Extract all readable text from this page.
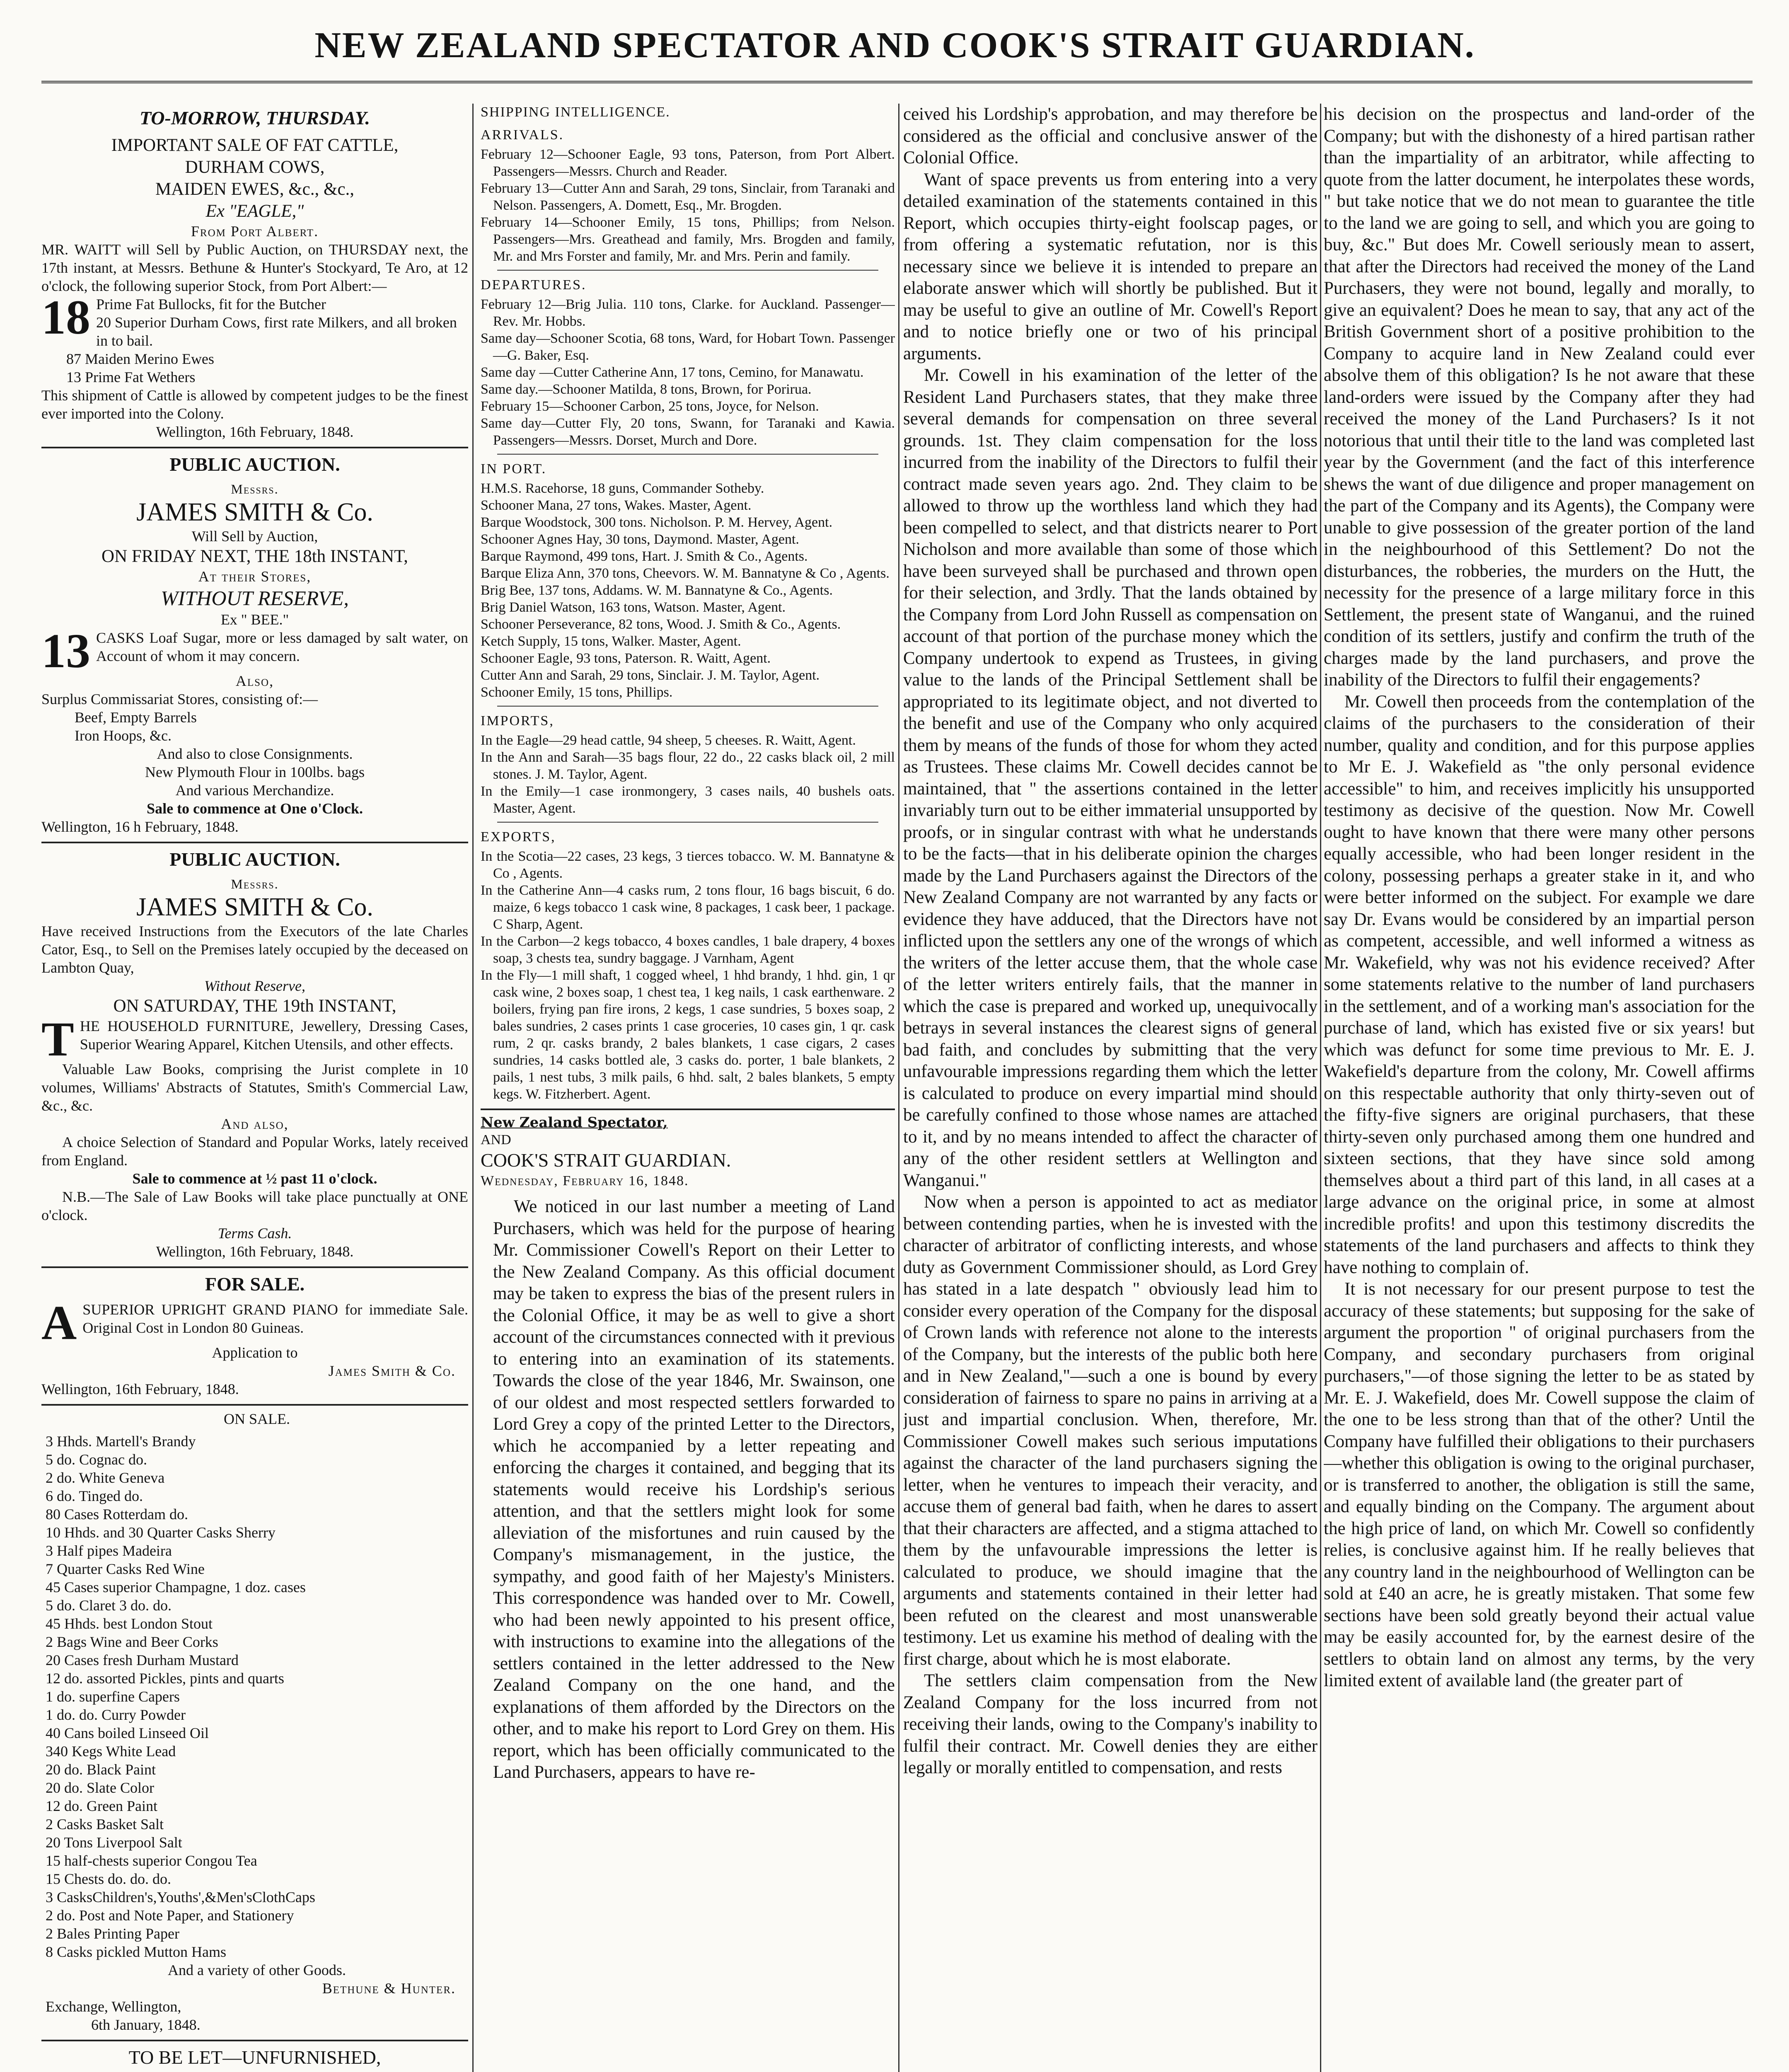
NEW ZEALAND SPECTATOR AND COOK'S STRAIT GUARDIAN.

TO-MORROW, THURSDAY.

IMPORTANT SALE OF FAT CATTLE,

DURHAM COWS,

MAIDEN EWES, &c., &c.,

Ex "EAGLE,"

From Port Albert.

MR. WAITT will Sell by Public Auction, on THURSDAY next, the 17th instant, at Messrs. Bethune & Hunter's Stockyard, Te Aro, at 12 o'clock, the following superior Stock, from Port Albert:—

18 Prime Fat Bullocks, fit for the Butcher

20 Superior Durham Cows, first rate Milkers, and all broken in to bail.

87 Maiden Merino Ewes

13 Prime Fat Wethers

This shipment of Cattle is allowed by competent judges to be the finest ever imported into the Colony.

Wellington, 16th February, 1848.

PUBLIC AUCTION.

Messrs.

JAMES SMITH & Co.

Will Sell by Auction,

ON FRIDAY NEXT, THE 18th INSTANT,

At their Stores,

WITHOUT RESERVE,

Ex " BEE."

13 CASKS Loaf Sugar, more or less damaged by salt water, on Account of whom it may concern.

Also,

Surplus Commissariat Stores, consisting of:—

Beef, Empty Barrels

Iron Hoops, &c.

And also to close Consignments.

New Plymouth Flour in 100lbs. bags

And various Merchandize.

Sale to commence at One o'Clock.

Wellington, 16 h February, 1848.

PUBLIC AUCTION.

Messrs.

JAMES SMITH & Co.

Have received Instructions from the Executors of the late Charles Cator, Esq., to Sell on the Premises lately occupied by the deceased on Lambton Quay,

Without Reserve,

ON SATURDAY, THE 19th INSTANT,

THE HOUSEHOLD FURNITURE, Jewellery, Dressing Cases, Superior Wearing Apparel, Kitchen Utensils, and other effects.

Valuable Law Books, comprising the Jurist complete in 10 volumes, Williams' Abstracts of Statutes, Smith's Commercial Law, &c., &c.

And also,

A choice Selection of Standard and Popular Works, lately received from England.

Sale to commence at ½ past 11 o'clock.

N.B.—The Sale of Law Books will take place punctually at ONE o'clock.

Terms Cash.

Wellington, 16th February, 1848.

FOR SALE.

ASUPERIOR UPRIGHT GRAND PIANO for immediate Sale. Original Cost in London 80 Guineas.

Application to

James Smith & Co.

Wellington, 16th February, 1848.

ON SALE.

3 Hhds. Martell's Brandy

5 do. Cognac do.

2 do. White Geneva

6 do. Tinged do.

80 Cases Rotterdam do.

10 Hhds. and 30 Quarter Casks Sherry

3 Half pipes Madeira

7 Quarter Casks Red Wine

45 Cases superior Champagne, 1 doz. cases

5 do. Claret 3 do. do.

45 Hhds. best London Stout

2 Bags Wine and Beer Corks

20 Cases fresh Durham Mustard

12 do. assorted Pickles, pints and quarts

1 do. superfine Capers

1 do. do. Curry Powder

40 Cans boiled Linseed Oil

340 Kegs White Lead

20 do. Black Paint

20 do. Slate Color

12 do. Green Paint

2 Casks Basket Salt

20 Tons Liverpool Salt

15 half-chests superior Congou Tea

15 Chests do. do. do.

3 CasksChildren's,Youths',&Men'sClothCaps

2 do. Post and Note Paper, and Stationery

2 Bales Printing Paper

8 Casks pickled Mutton Hams

And a variety of other Goods.

Bethune & Hunter.

Exchange, Wellington,

6th January, 1848.

TO BE LET—UNFURNISHED,

SHIPPING INTELLIGENCE.

ARRIVALS.

February 12—Schooner Eagle, 93 tons, Paterson, from Port Albert. Passengers—Messrs. Church and Reader.

February 13—Cutter Ann and Sarah, 29 tons, Sinclair, from Taranaki and Nelson. Passengers, A. Domett, Esq., Mr. Brogden.

February 14—Schooner Emily, 15 tons, Phillips; from Nelson. Passengers—Mrs. Greathead and family, Mrs. Brogden and family, Mr. and Mrs Forster and family, Mr. and Mrs. Perin and family.

DEPARTURES.

February 12—Brig Julia. 110 tons, Clarke. for Auckland. Passenger—Rev. Mr. Hobbs.

Same day—Schooner Scotia, 68 tons, Ward, for Hobart Town. Passenger—G. Baker, Esq.

Same day —Cutter Catherine Ann, 17 tons, Cemino, for Manawatu.

Same day.—Schooner Matilda, 8 tons, Brown, for Porirua.

February 15—Schooner Carbon, 25 tons, Joyce, for Nelson.

Same day—Cutter Fly, 20 tons, Swann, for Taranaki and Kawia. Passengers—Messrs. Dorset, Murch and Dore.

IN PORT.

H.M.S. Racehorse, 18 guns, Commander Sotheby.

Schooner Mana, 27 tons, Wakes. Master, Agent.

Barque Woodstock, 300 tons. Nicholson. P. M. Hervey, Agent.

Schooner Agnes Hay, 30 tons, Daymond. Master, Agent.

Barque Raymond, 499 tons, Hart. J. Smith & Co., Agents.

Barque Eliza Ann, 370 tons, Cheevors. W. M. Bannatyne & Co , Agents.

Brig Bee, 137 tons, Addams. W. M. Bannatyne & Co., Agents.

Brig Daniel Watson, 163 tons, Watson. Master, Agent.

Schooner Perseverance, 82 tons, Wood. J. Smith & Co., Agents.

Ketch Supply, 15 tons, Walker. Master, Agent.

Schooner Eagle, 93 tons, Paterson. R. Waitt, Agent.

Cutter Ann and Sarah, 29 tons, Sinclair. J. M. Taylor, Agent.

Schooner Emily, 15 tons, Phillips.

IMPORTS,

In the Eagle—29 head cattle, 94 sheep, 5 cheeses. R. Waitt, Agent.

In the Ann and Sarah—35 bags flour, 22 do., 22 casks black oil, 2 mill stones. J. M. Taylor, Agent.

In the Emily—1 case ironmongery, 3 cases nails, 40 bushels oats. Master, Agent.

EXPORTS,

In the Scotia—22 cases, 23 kegs, 3 tierces tobacco. W. M. Bannatyne & Co , Agents.

In the Catherine Ann—4 casks rum, 2 tons flour, 16 bags biscuit, 6 do. maize, 6 kegs tobacco 1 cask wine, 8 packages, 1 cask beer, 1 package. C Sharp, Agent.

In the Carbon—2 kegs tobacco, 4 boxes candles, 1 bale drapery, 4 boxes soap, 3 chests tea, sundry baggage. J Varnham, Agent

In the Fly—1 mill shaft, 1 cogged wheel, 1 hhd brandy, 1 hhd. gin, 1 qr cask wine, 2 boxes soap, 1 chest tea, 1 keg nails, 1 cask earthenware. 2 boilers, frying pan fire irons, 2 kegs, 1 case sundries, 5 boxes soap, 2 bales sundries, 2 cases prints 1 case groceries, 10 cases gin, 1 qr. cask rum, 2 qr. casks brandy, 2 bales blankets, 1 case cigars, 2 cases sundries, 14 casks bottled ale, 3 casks do. porter, 1 bale blankets, 2 pails, 1 nest tubs, 3 milk pails, 6 hhd. salt, 2 bales blankets, 5 empty kegs. W. Fitzherbert. Agent.

New Zealand Spectator,

AND

COOK'S STRAIT GUARDIAN.

Wednesday, February 16, 1848.

We noticed in our last number a meeting of Land Purchasers, which was held for the purpose of hearing Mr. Commissioner Cowell's Report on their Letter to the New Zealand Company. As this official document may be taken to express the bias of the present rulers in the Colonial Office, it may be as well to give a short account of the circumstances connected with it previous to entering into an examination of its statements. Towards the close of the year 1846, Mr. Swainson, one of our oldest and most respected settlers forwarded to Lord Grey a copy of the printed Letter to the Directors, which he accompanied by a letter repeating and enforcing the charges it contained, and begging that its statements would receive his Lordship's serious attention, and that the settlers might look for some alleviation of the misfortunes and ruin caused by the Company's mismanagement, in the justice, the sympathy, and good faith of her Majesty's Ministers. This correspondence was handed over to Mr. Cowell, who had been newly appointed to his present office, with instructions to examine into the allegations of the settlers contained in the letter addressed to the New Zealand Company on the one hand, and the explanations of them afforded by the Directors on the other, and to make his report to Lord Grey on them. His report, which has been officially communicated to the Land Purchasers, appears to have re-

ceived his Lordship's approbation, and may therefore be considered as the official and conclusive answer of the Colonial Office.

Want of space prevents us from entering into a very detailed examination of the statements contained in this Report, which occupies thirty-eight foolscap pages, or from offering a systematic refutation, nor is this necessary since we believe it is intended to prepare an elaborate answer which will shortly be published. But it may be useful to give an outline of Mr. Cowell's Report and to notice briefly one or two of his principal arguments.

Mr. Cowell in his examination of the letter of the Resident Land Purchasers states, that they make three several demands for compensation on three several grounds. 1st. They claim compensation for the loss incurred from the inability of the Directors to fulfil their contract made seven years ago. 2nd. They claim to be allowed to throw up the worthless land which they had been compelled to select, and that districts nearer to Port Nicholson and more available than some of those which have been surveyed shall be purchased and thrown open for their selection, and 3rdly. That the lands obtained by the Company from Lord John Russell as compensation on account of that portion of the purchase money which the Company undertook to expend as Trustees, in giving value to the lands of the Principal Settlement shall be appropriated to its legitimate object, and not diverted to the benefit and use of the Company who only acquired them by means of the funds of those for whom they acted as Trustees. These claims Mr. Cowell decides cannot be maintained, that " the assertions contained in the letter invariably turn out to be either immaterial unsupported by proofs, or in singular contrast with what he understands to be the facts—that in his deliberate opinion the charges made by the Land Purchasers against the Directors of the New Zealand Company are not warranted by any facts or evidence they have adduced, that the Directors have not inflicted upon the settlers any one of the wrongs of which the writers of the letter accuse them, that the whole case of the letter writers entirely fails, that the manner in which the case is prepared and worked up, unequivocally betrays in several instances the clearest signs of general bad faith, and concludes by submitting that the very unfavourable impressions regarding them which the letter is calculated to produce on every impartial mind should be carefully confined to those whose names are attached to it, and by no means intended to affect the character of any of the other resident settlers at Wellington and Wanganui."

Now when a person is appointed to act as mediator between contending parties, when he is invested with the character of arbitrator of conflicting interests, and whose duty as Government Commissioner should, as Lord Grey has stated in a late despatch " obviously lead him to consider every operation of the Company for the disposal of Crown lands with reference not alone to the interests of the Company, but the interests of the public both here and in New Zealand,"—such a one is bound by every consideration of fairness to spare no pains in arriving at a just and impartial conclusion. When, therefore, Mr. Commissioner Cowell makes such serious imputations against the character of the land purchasers signing the letter, when he ventures to impeach their veracity, and accuse them of general bad faith, when he dares to assert that their characters are affected, and a stigma attached to them by the unfavourable impressions the letter is calculated to produce, we should imagine that the arguments and statements contained in their letter had been refuted on the clearest and most unanswerable testimony. Let us examine his method of dealing with the first charge, about which he is most elaborate.

The settlers claim compensation from the New Zealand Company for the loss incurred from not receiving their lands, owing to the Company's inability to fulfil their contract. Mr. Cowell denies they are either legally or morally entitled to compensation, and rests

his decision on the prospectus and land-order of the Company; but with the dishonesty of a hired partisan rather than the impartiality of an arbitrator, while affecting to quote from the latter document, he interpolates these words, " but take notice that we do not mean to guarantee the title to the land we are going to sell, and which you are going to buy, &c." But does Mr. Cowell seriously mean to assert, that after the Directors had received the money of the Land Purchasers, they were not bound, legally and morally, to give an equivalent? Does he mean to say, that any act of the British Government short of a positive prohibition to the Company to acquire land in New Zealand could ever absolve them of this obligation? Is he not aware that these land-orders were issued by the Company after they had received the money of the Land Purchasers? Is it not notorious that until their title to the land was completed last year by the Government (and the fact of this interference shews the want of due diligence and proper management on the part of the Company and its Agents), the Company were unable to give possession of the greater portion of the land in the neighbourhood of this Settlement? Do not the disturbances, the robberies, the murders on the Hutt, the necessity for the presence of a large military force in this Settlement, the present state of Wanganui, and the ruined condition of its settlers, justify and confirm the truth of the charges made by the land purchasers, and prove the inability of the Directors to fulfil their engagements?

Mr. Cowell then proceeds from the contemplation of the claims of the purchasers to the consideration of their number, quality and condition, and for this purpose applies to Mr E. J. Wakefield as "the only personal evidence accessible" to him, and receives implicitly his unsupported testimony as decisive of the question. Now Mr. Cowell ought to have known that there were many other persons equally accessible, who had been longer resident in the colony, possessing perhaps a greater stake in it, and who were better informed on the subject. For example we dare say Dr. Evans would be considered by an impartial person as competent, accessible, and well informed a witness as Mr. Wakefield, why was not his evidence received? After some statements relative to the number of land purchasers in the settlement, and of a working man's association for the purchase of land, which has existed five or six years! but which was defunct for some time previous to Mr. E. J. Wakefield's departure from the colony, Mr. Cowell affirms on this respectable authority that only thirty-seven out of the fifty-five signers are original purchasers, that these thirty-seven only purchased among them one hundred and sixteen sections, that they have since sold among themselves about a third part of this land, in all cases at a large advance on the original price, in some at almost incredible profits! and upon this testimony discredits the statements of the land purchasers and affects to think they have nothing to complain of.

It is not necessary for our present purpose to test the accuracy of these statements; but supposing for the sake of argument the proportion " of original purchasers from the Company, and secondary purchasers from original purchasers,"—of those signing the letter to be as stated by Mr. E. J. Wakefield, does Mr. Cowell suppose the claim of the one to be less strong than that of the other? Until the Company have fulfilled their obligations to their purchasers—whether this obligation is owing to the original purchaser, or is transferred to another, the obligation is still the same, and equally binding on the Company. The argument about the high price of land, on which Mr. Cowell so confidently relies, is conclusive against him. If he really believes that any country land in the neighbourhood of Wellington can be sold at £40 an acre, he is greatly mistaken. That some few sections have been sold greatly beyond their actual value may be easily accounted for, by the earnest desire of the settlers to obtain land on almost any terms, by the very limited extent of available land (the greater part of
